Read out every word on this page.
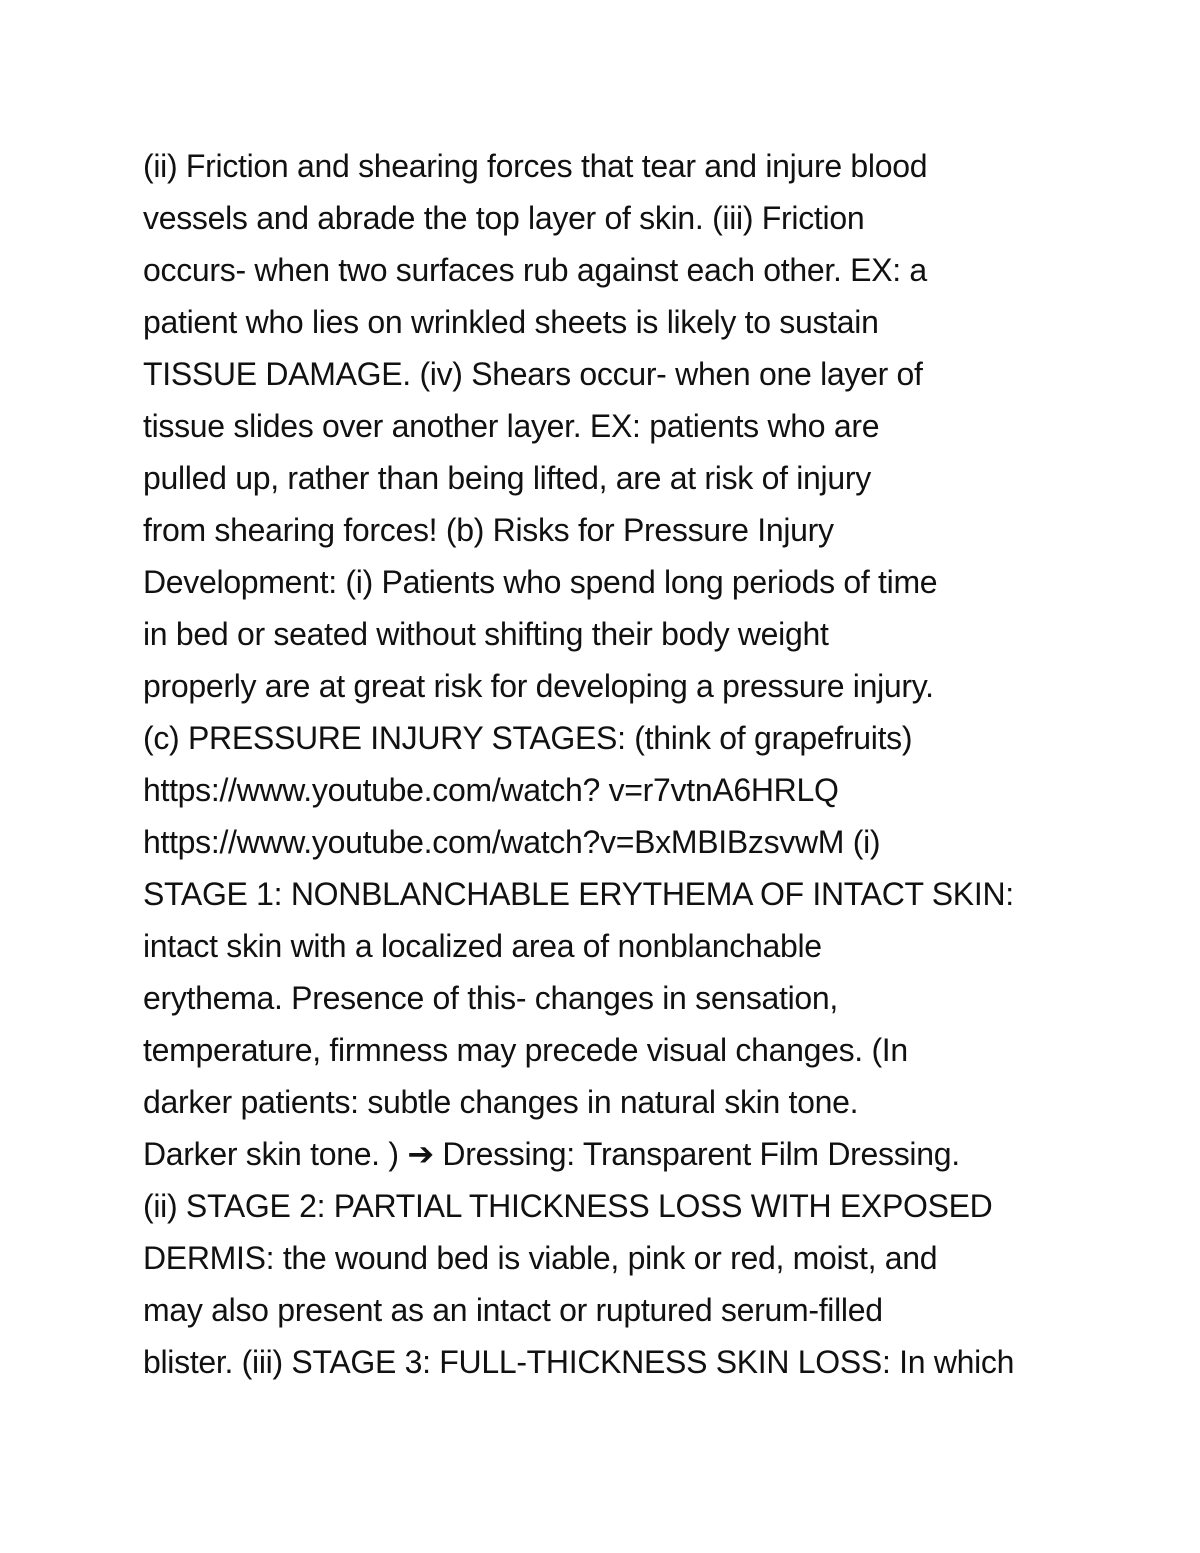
(ii) Friction and shearing forces that tear and injure blood
vessels and abrade the top layer of skin. (iii) Friction
occurs- when two surfaces rub against each other. EX: a
patient who lies on wrinkled sheets is likely to sustain
TISSUE DAMAGE. (iv) Shears occur- when one layer of
tissue slides over another layer. EX: patients who are
pulled up, rather than being lifted, are at risk of injury
from shearing forces! (b) Risks for Pressure Injury
Development: (i) Patients who spend long periods of time
in bed or seated without shifting their body weight
properly are at great risk for developing a pressure injury.
(c) PRESSURE INJURY STAGES: (think of grapefruits)
https://www.youtube.com/watch? v=r7vtnA6HRLQ
https://www.youtube.com/watch?v=BxMBIBzsvwM (i)
STAGE 1: NONBLANCHABLE ERYTHEMA OF INTACT SKIN:
intact skin with a localized area of nonblanchable
erythema. Presence of this- changes in sensation,
temperature, firmness may precede visual changes. (In
darker patients: subtle changes in natural skin tone.
Darker skin tone. ) ➔ Dressing: Transparent Film Dressing.
(ii) STAGE 2: PARTIAL THICKNESS LOSS WITH EXPOSED
DERMIS: the wound bed is viable, pink or red, moist, and
may also present as an intact or ruptured serum-filled
blister. (iii) STAGE 3: FULL-THICKNESS SKIN LOSS: In which
